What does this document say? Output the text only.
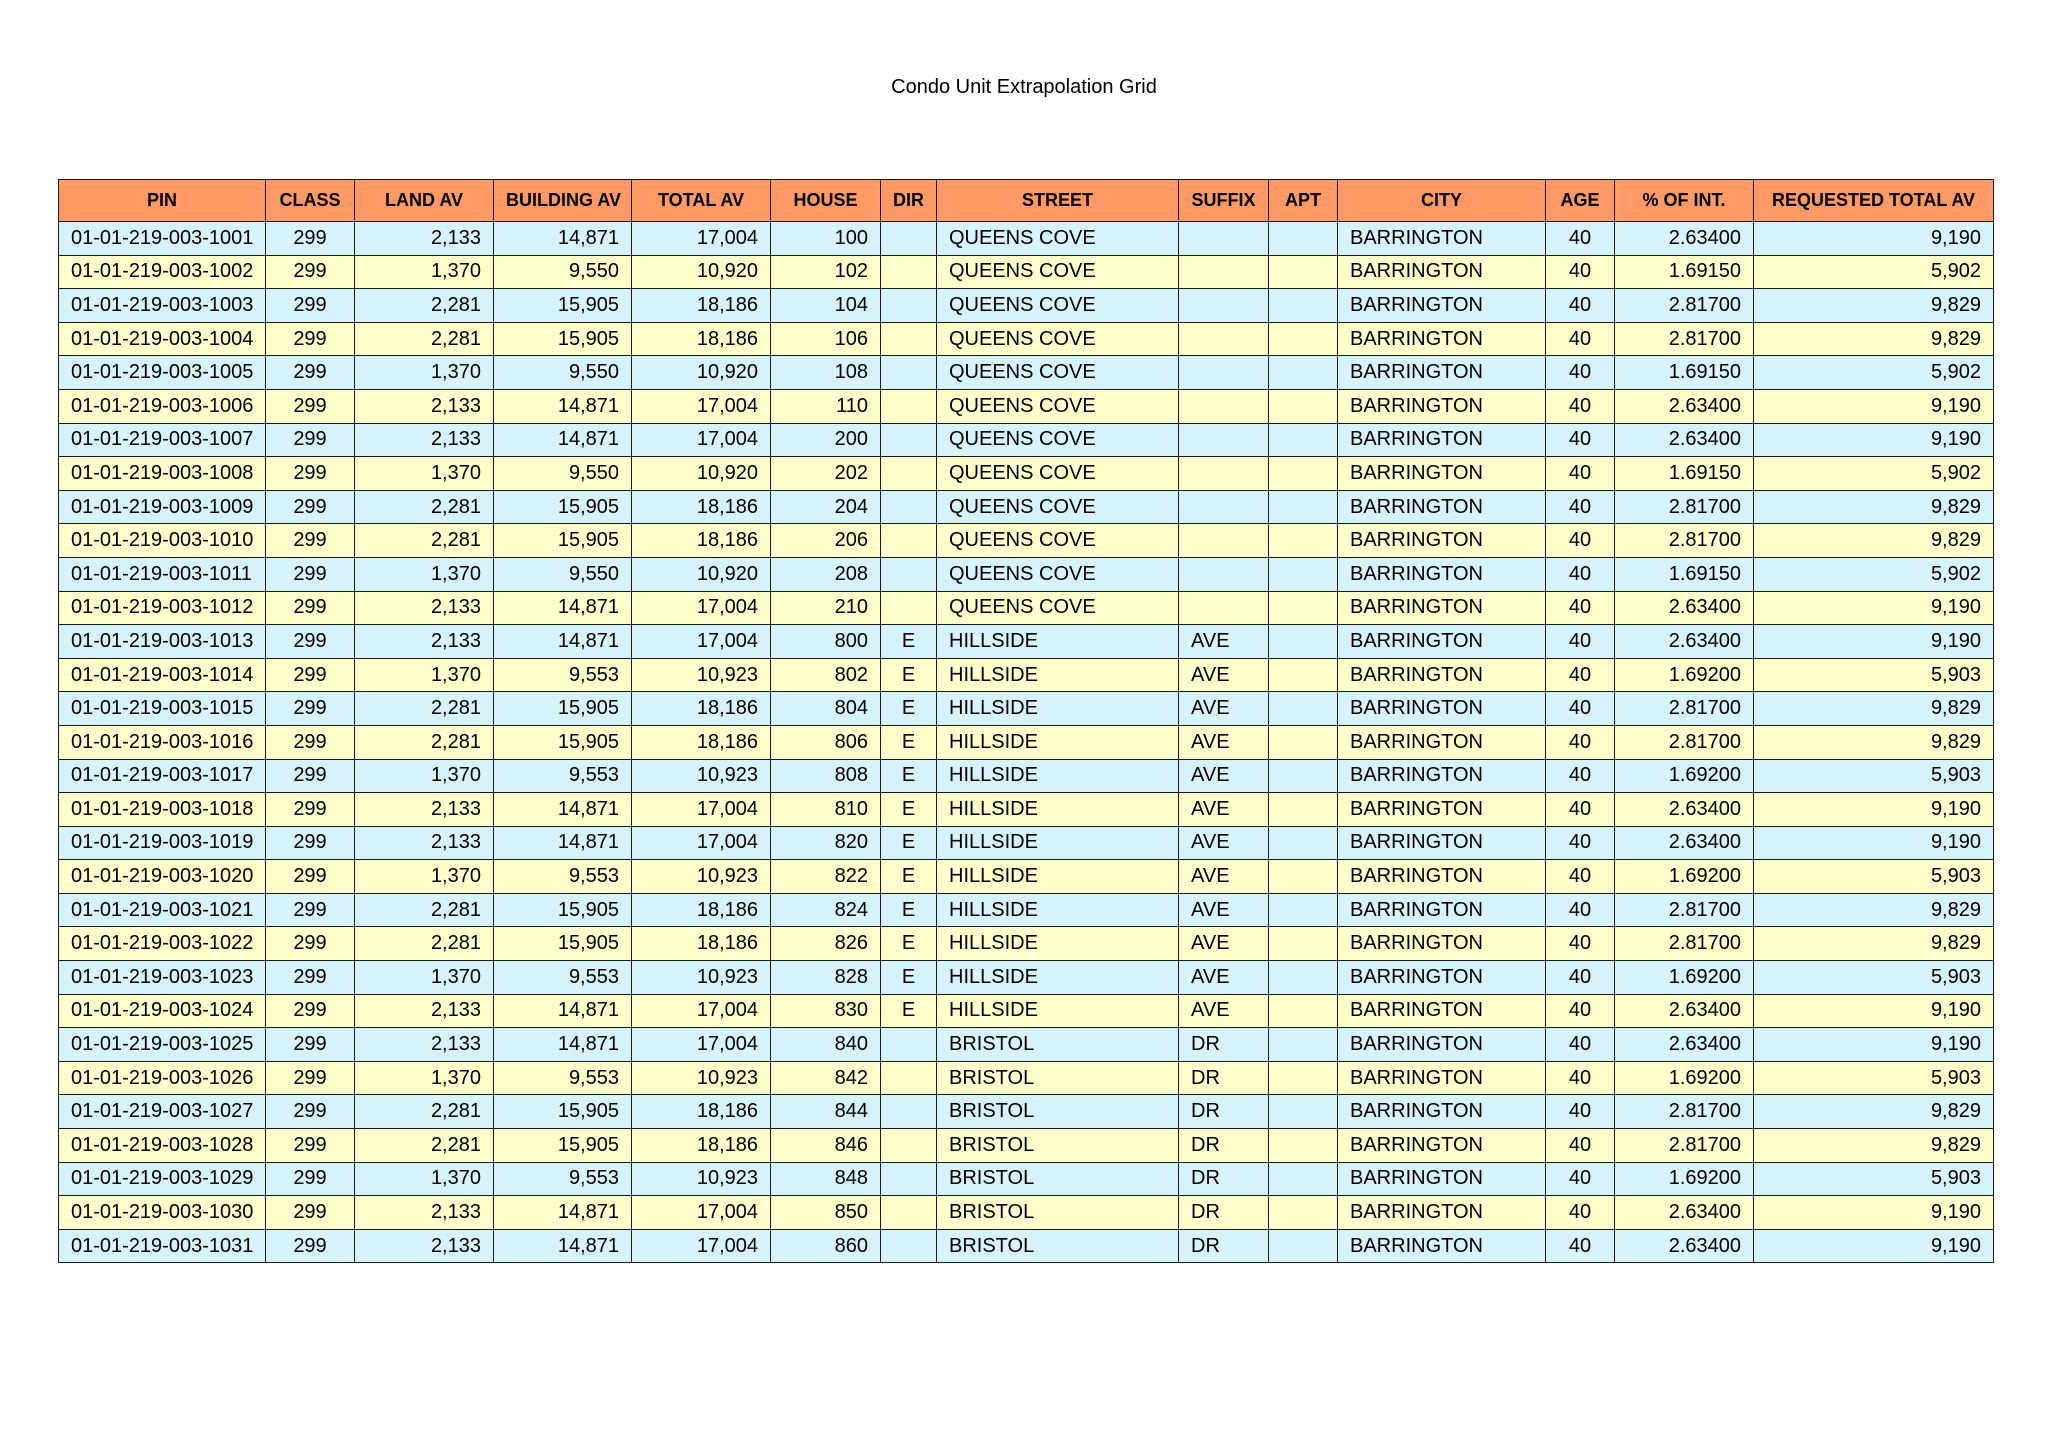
Condo Unit Extrapolation Grid
PIN	CLASS	LAND AV	BUILDING AV	TOTAL AV	HOUSE	DIR	STREET	SUFFIX	APT	CITY	AGE	% OF INT.	REQUESTED TOTAL AV
01-01-219-003-1001	299	2,133	14,871	17,004	100		QUEENS COVE			BARRINGTON	40	2.63400	9,190
01-01-219-003-1002	299	1,370	9,550	10,920	102		QUEENS COVE			BARRINGTON	40	1.69150	5,902
01-01-219-003-1003	299	2,281	15,905	18,186	104		QUEENS COVE			BARRINGTON	40	2.81700	9,829
01-01-219-003-1004	299	2,281	15,905	18,186	106		QUEENS COVE			BARRINGTON	40	2.81700	9,829
01-01-219-003-1005	299	1,370	9,550	10,920	108		QUEENS COVE			BARRINGTON	40	1.69150	5,902
01-01-219-003-1006	299	2,133	14,871	17,004	110		QUEENS COVE			BARRINGTON	40	2.63400	9,190
01-01-219-003-1007	299	2,133	14,871	17,004	200		QUEENS COVE			BARRINGTON	40	2.63400	9,190
01-01-219-003-1008	299	1,370	9,550	10,920	202		QUEENS COVE			BARRINGTON	40	1.69150	5,902
01-01-219-003-1009	299	2,281	15,905	18,186	204		QUEENS COVE			BARRINGTON	40	2.81700	9,829
01-01-219-003-1010	299	2,281	15,905	18,186	206		QUEENS COVE			BARRINGTON	40	2.81700	9,829
01-01-219-003-1011	299	1,370	9,550	10,920	208		QUEENS COVE			BARRINGTON	40	1.69150	5,902
01-01-219-003-1012	299	2,133	14,871	17,004	210		QUEENS COVE			BARRINGTON	40	2.63400	9,190
01-01-219-003-1013	299	2,133	14,871	17,004	800	E	HILLSIDE	AVE		BARRINGTON	40	2.63400	9,190
01-01-219-003-1014	299	1,370	9,553	10,923	802	E	HILLSIDE	AVE		BARRINGTON	40	1.69200	5,903
01-01-219-003-1015	299	2,281	15,905	18,186	804	E	HILLSIDE	AVE		BARRINGTON	40	2.81700	9,829
01-01-219-003-1016	299	2,281	15,905	18,186	806	E	HILLSIDE	AVE		BARRINGTON	40	2.81700	9,829
01-01-219-003-1017	299	1,370	9,553	10,923	808	E	HILLSIDE	AVE		BARRINGTON	40	1.69200	5,903
01-01-219-003-1018	299	2,133	14,871	17,004	810	E	HILLSIDE	AVE		BARRINGTON	40	2.63400	9,190
01-01-219-003-1019	299	2,133	14,871	17,004	820	E	HILLSIDE	AVE		BARRINGTON	40	2.63400	9,190
01-01-219-003-1020	299	1,370	9,553	10,923	822	E	HILLSIDE	AVE		BARRINGTON	40	1.69200	5,903
01-01-219-003-1021	299	2,281	15,905	18,186	824	E	HILLSIDE	AVE		BARRINGTON	40	2.81700	9,829
01-01-219-003-1022	299	2,281	15,905	18,186	826	E	HILLSIDE	AVE		BARRINGTON	40	2.81700	9,829
01-01-219-003-1023	299	1,370	9,553	10,923	828	E	HILLSIDE	AVE		BARRINGTON	40	1.69200	5,903
01-01-219-003-1024	299	2,133	14,871	17,004	830	E	HILLSIDE	AVE		BARRINGTON	40	2.63400	9,190
01-01-219-003-1025	299	2,133	14,871	17,004	840		BRISTOL	DR		BARRINGTON	40	2.63400	9,190
01-01-219-003-1026	299	1,370	9,553	10,923	842		BRISTOL	DR		BARRINGTON	40	1.69200	5,903
01-01-219-003-1027	299	2,281	15,905	18,186	844		BRISTOL	DR		BARRINGTON	40	2.81700	9,829
01-01-219-003-1028	299	2,281	15,905	18,186	846		BRISTOL	DR		BARRINGTON	40	2.81700	9,829
01-01-219-003-1029	299	1,370	9,553	10,923	848		BRISTOL	DR		BARRINGTON	40	1.69200	5,903
01-01-219-003-1030	299	2,133	14,871	17,004	850		BRISTOL	DR		BARRINGTON	40	2.63400	9,190
01-01-219-003-1031	299	2,133	14,871	17,004	860		BRISTOL	DR		BARRINGTON	40	2.63400	9,190
